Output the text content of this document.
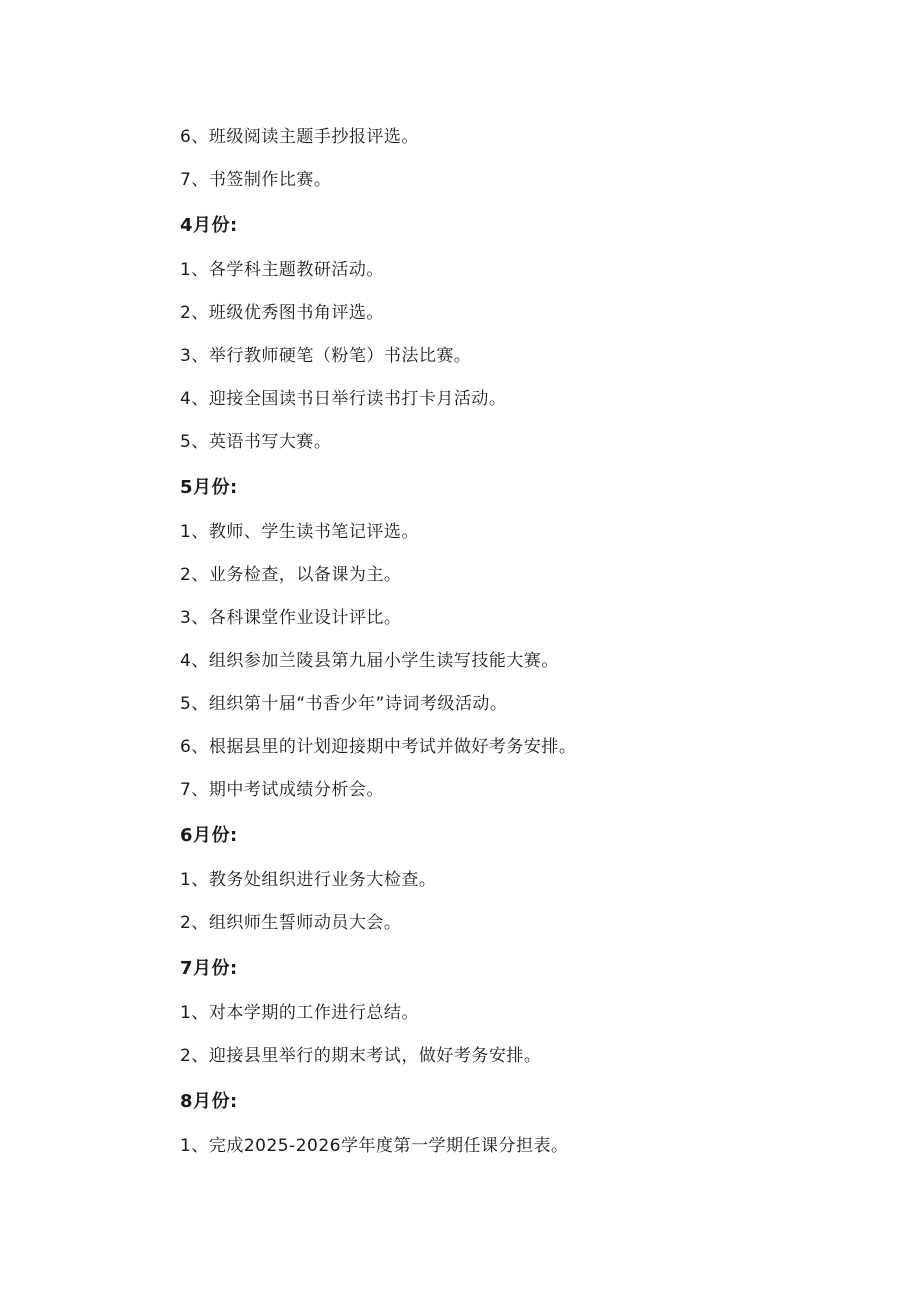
6、班级阅读主题手抄报评选。
7、书签制作比赛。
4月份:
1、各学科主题教研活动。
2、班级优秀图书角评选。
3、举行教师硬笔（粉笔）书法比赛。
4、迎接全国读书日举行读书打卡月活动。
5、英语书写大赛。
5月份:
1、教师、学生读书笔记评选。
2、业务检查，以备课为主。
3、各科课堂作业设计评比。
4、组织参加兰陵县第九届小学生读写技能大赛。
5、组织第十届“书香少年”诗词考级活动。
6、根据县里的计划迎接期中考试并做好考务安排。
7、期中考试成绩分析会。
6月份:
1、教务处组织进行业务大检查。
2、组织师生誓师动员大会。
7月份:
1、对本学期的工作进行总结。
2、迎接县里举行的期末考试，做好考务安排。
8月份:
1、完成2025-2026学年度第一学期任课分担表。
